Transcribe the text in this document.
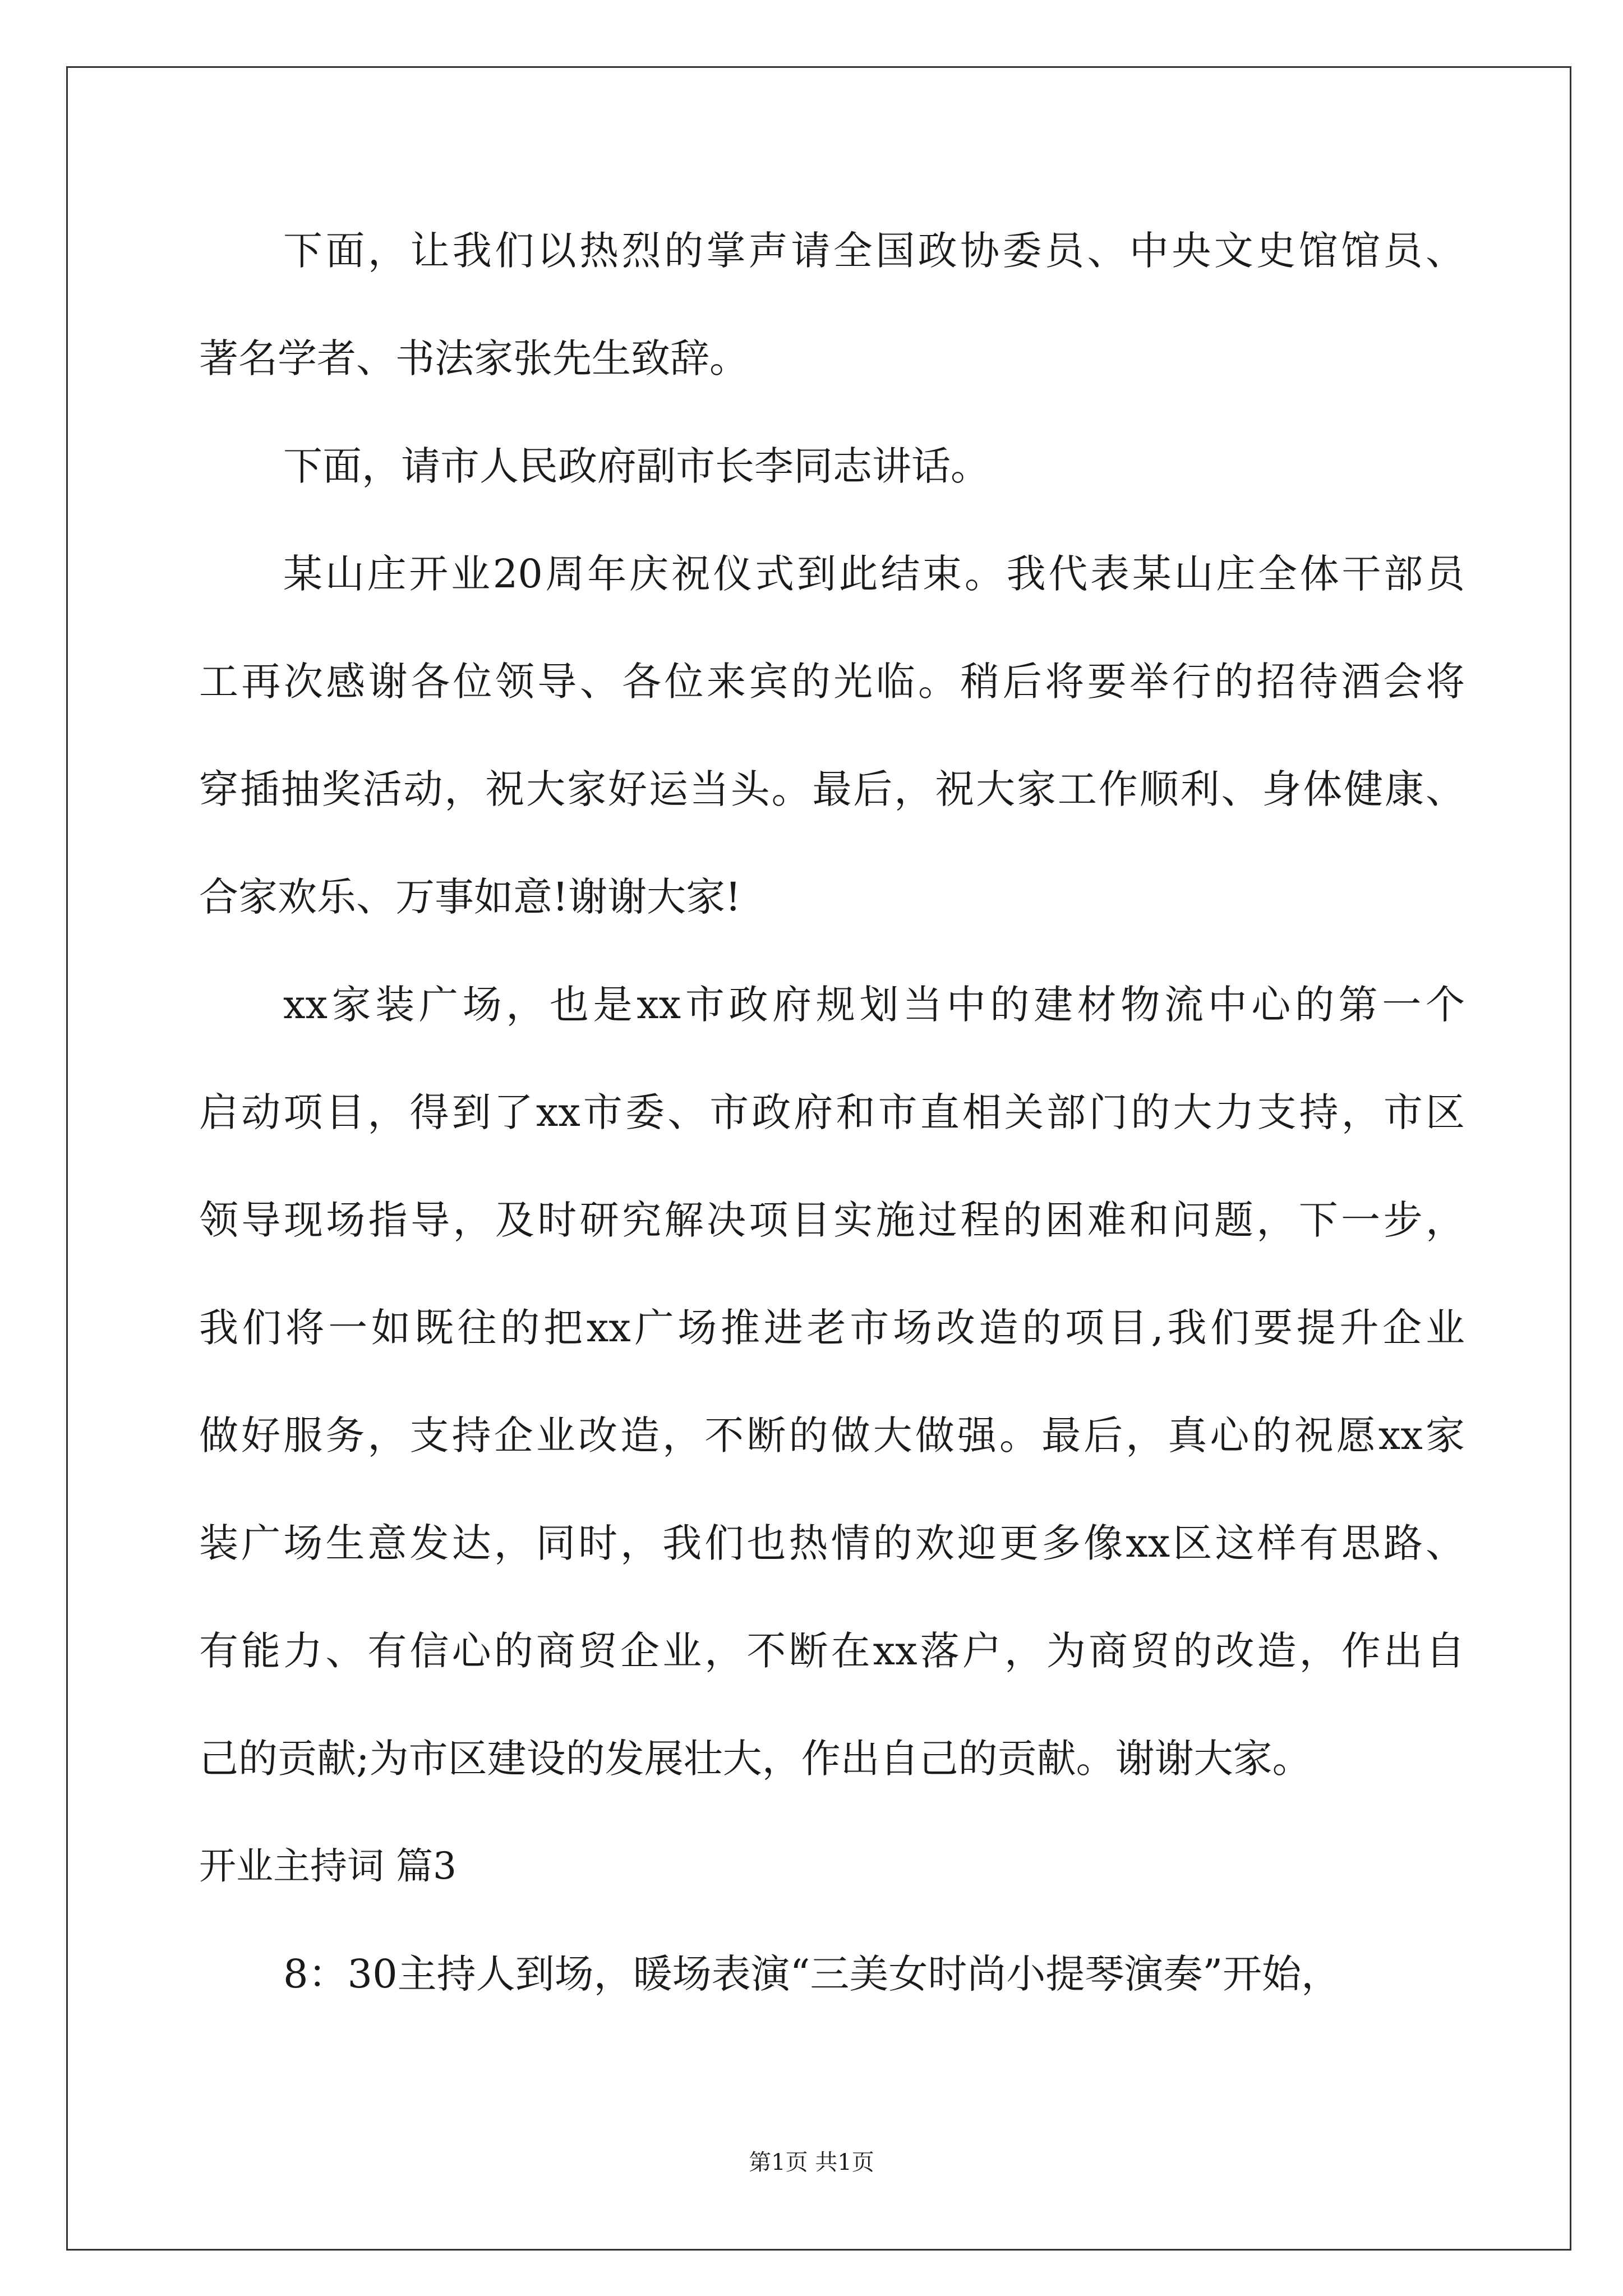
下面，让我们以热烈的掌声请全国政协委员、中央文史馆馆员、
著名学者、书法家张先生致辞。
下面，请市人民政府副市长李同志讲话。
某山庄开业20周年庆祝仪式到此结束。我代表某山庄全体干部员
工再次感谢各位领导、各位来宾的光临。稍后将要举行的招待酒会将
穿插抽奖活动，祝大家好运当头。最后，祝大家工作顺利、身体健康、
合家欢乐、万事如意!谢谢大家!
xx家装广场，也是xx市政府规划当中的建材物流中心的第一个
启动项目，得到了xx市委、市政府和市直相关部门的大力支持，市区
领导现场指导，及时研究解决项目实施过程的困难和问题，下一步，
我们将一如既往的把xx广场推进老市场改造的项目,我们要提升企业
做好服务，支持企业改造，不断的做大做强。最后，真心的祝愿xx家
装广场生意发达，同时，我们也热情的欢迎更多像xx区这样有思路、
有能力、有信心的商贸企业，不断在xx落户，为商贸的改造，作出自
己的贡献;为市区建设的发展壮大，作出自己的贡献。谢谢大家。
开业主持词 篇3
8：30主持人到场，暖场表演“三美女时尚小提琴演奏”开始，
第1页 共1页
